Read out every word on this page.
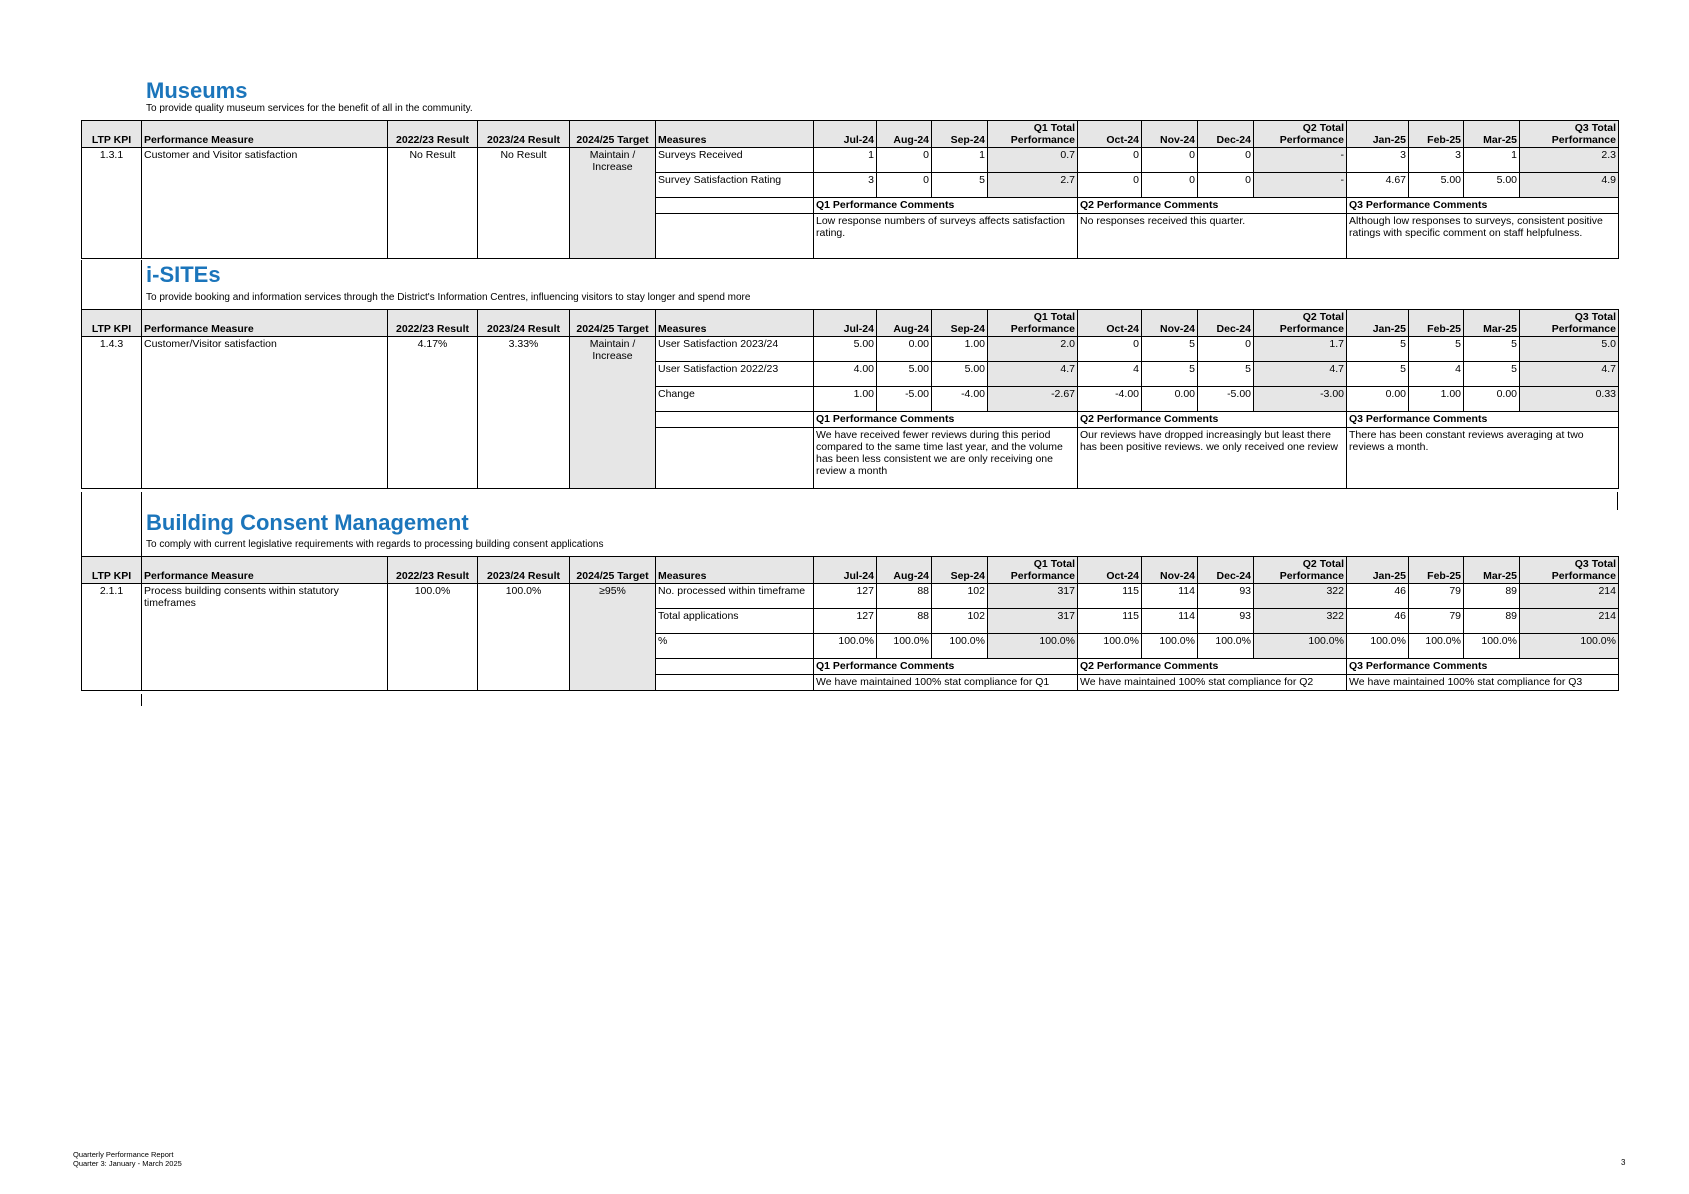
Museums
To provide quality museum services for the benefit of all in the community.
LTP KPI	Performance Measure	2022/23 Result	2023/24 Result	2024/25 Target	Measures	Jul-24	Aug-24	Sep-24	Q1 Total Performance	Oct-24	Nov-24	Dec-24	Q2 Total Performance	Jan-25	Feb-25	Mar-25	Q3 Total Performance
1.3.1	Customer and Visitor satisfaction	No Result	No Result	Maintain / Increase	Surveys Received	1	0	1	0.7	0	0	0	-	3	3	1	2.3
					Survey Satisfaction Rating	3	0	5	2.7	0	0	0	-	4.67	5.00	5.00	4.9
						Q1 Performance Comments				Q2 Performance Comments				Q3 Performance Comments			
						Low response numbers of surveys affects satisfaction rating.				No responses received this quarter.				Although low responses to surveys, consistent positive ratings with specific comment on staff helpfulness.			
i-SITEs
To provide booking and information services through the District's Information Centres, influencing visitors to stay longer and spend more
LTP KPI	Performance Measure	2022/23 Result	2023/24 Result	2024/25 Target	Measures	Jul-24	Aug-24	Sep-24	Q1 Total Performance	Oct-24	Nov-24	Dec-24	Q2 Total Performance	Jan-25	Feb-25	Mar-25	Q3 Total Performance
1.4.3	Customer/Visitor satisfaction	4.17%	3.33%	Maintain / Increase	User Satisfaction 2023/24	5.00	0.00	1.00	2.0	0	5	0	1.7	5	5	5	5.0
					User Satisfaction 2022/23	4.00	5.00	5.00	4.7	4	5	5	4.7	5	4	5	4.7
					Change	1.00	-5.00	-4.00	-2.67	-4.00	0.00	-5.00	-3.00	0.00	1.00	0.00	0.33
						Q1 Performance Comments				Q2 Performance Comments				Q3 Performance Comments			
						We have received fewer reviews during this period compared to the same time last year, and the volume has been less consistent we are only receiving one review a month				Our reviews have dropped increasingly but least there has been positive reviews. we only received one review				There has been constant reviews averaging at two reviews a month.			
Building Consent Management
To comply with current legislative requirements with regards to processing building consent applications
LTP KPI	Performance Measure	2022/23 Result	2023/24 Result	2024/25 Target	Measures	Jul-24	Aug-24	Sep-24	Q1 Total Performance	Oct-24	Nov-24	Dec-24	Q2 Total Performance	Jan-25	Feb-25	Mar-25	Q3 Total Performance
2.1.1	Process building consents within statutory timeframes	100.0%	100.0%	≥95%	No. processed within timeframe	127	88	102	317	115	114	93	322	46	79	89	214
					Total applications	127	88	102	317	115	114	93	322	46	79	89	214
					%	100.0%	100.0%	100.0%	100.0%	100.0%	100.0%	100.0%	100.0%	100.0%	100.0%	100.0%	100.0%
						Q1 Performance Comments				Q2 Performance Comments				Q3 Performance Comments			
						We have maintained 100% stat compliance for Q1				We have maintained 100% stat compliance for Q2				We have maintained 100% stat compliance for Q3			
Quarterly Performance Report
Quarter 3: January - March 2025	3
